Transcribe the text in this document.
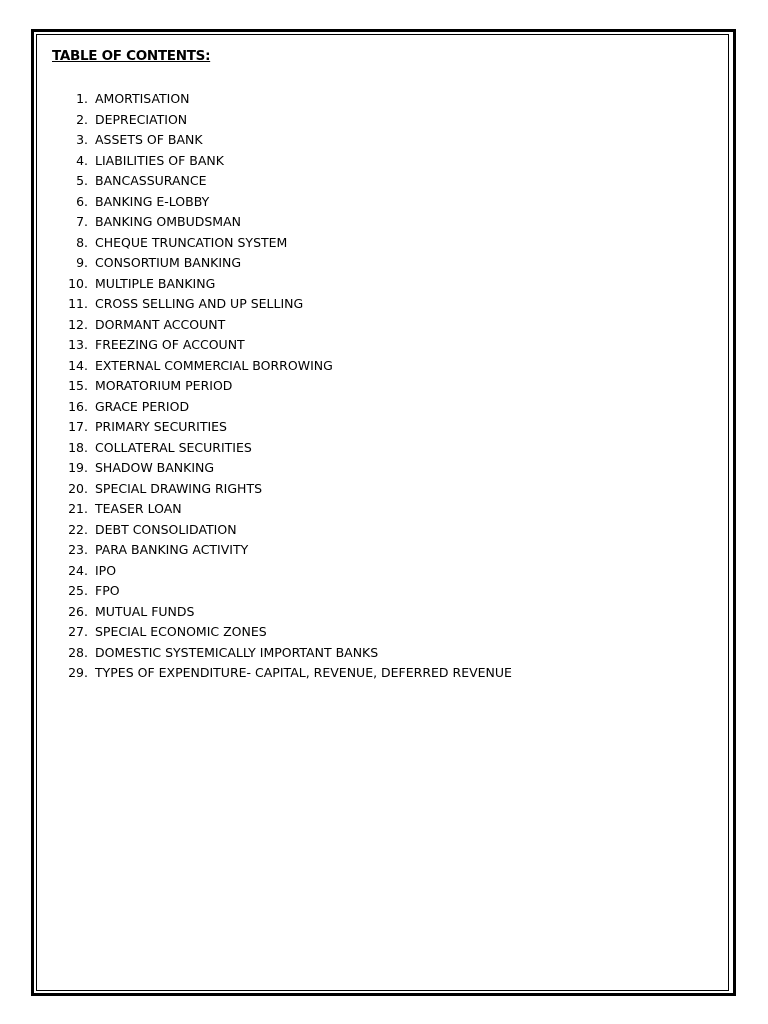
TABLE OF CONTENTS:
1. AMORTISATION
2. DEPRECIATION
3. ASSETS OF BANK
4. LIABILITIES OF BANK
5. BANCASSURANCE
6. BANKING E-LOBBY
7. BANKING OMBUDSMAN
8. CHEQUE TRUNCATION SYSTEM
9. CONSORTIUM BANKING
10. MULTIPLE BANKING
11. CROSS SELLING AND UP SELLING
12. DORMANT ACCOUNT
13. FREEZING OF ACCOUNT
14. EXTERNAL COMMERCIAL BORROWING
15. MORATORIUM PERIOD
16. GRACE PERIOD
17. PRIMARY SECURITIES
18. COLLATERAL SECURITIES
19. SHADOW BANKING
20. SPECIAL DRAWING RIGHTS
21. TEASER LOAN
22. DEBT CONSOLIDATION
23. PARA BANKING ACTIVITY
24. IPO
25. FPO
26. MUTUAL FUNDS
27. SPECIAL ECONOMIC ZONES
28. DOMESTIC SYSTEMICALLY IMPORTANT BANKS
29. TYPES OF EXPENDITURE- CAPITAL, REVENUE, DEFERRED REVENUE
